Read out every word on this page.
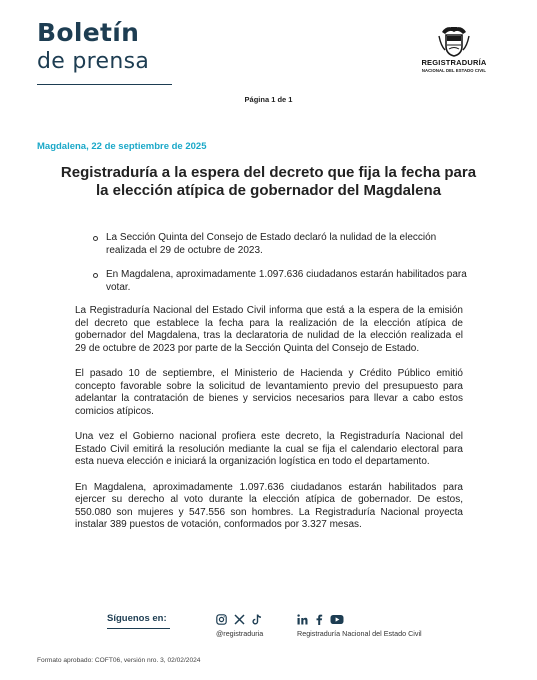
Boletín
de prensa	REGISTRADURÍA
NACIONAL DEL ESTADO CIVIL
Página 1 de 1
Magdalena, 22 de septiembre de 2025
Registraduría a la espera del decreto que fija la fecha para la elección atípica de gobernador del Magdalena
La Sección Quinta del Consejo de Estado declaró la nulidad de la elección realizada el 29 de octubre de 2023.
En Magdalena, aproximadamente 1.097.636 ciudadanos estarán habilitados para votar.

La Registraduría Nacional del Estado Civil informa que está a la espera de la emisión del decreto que establece la fecha para la realización de la elección atípica de gobernador del Magdalena, tras la declaratoria de nulidad de la elección realizada el 29 de octubre de 2023 por parte de la Sección Quinta del Consejo de Estado.

El pasado 10 de septiembre, el Ministerio de Hacienda y Crédito Público emitió concepto favorable sobre la solicitud de levantamiento previo del presupuesto para adelantar la contratación de bienes y servicios necesarios para llevar a cabo estos comicios atípicos.

Una vez el Gobierno nacional profiera este decreto, la Registraduría Nacional del Estado Civil emitirá la resolución mediante la cual se fija el calendario electoral para esta nueva elección e iniciará la organización logística en todo el departamento.

En Magdalena, aproximadamente 1.097.636 ciudadanos estarán habilitados para ejercer su derecho al voto durante la elección atípica de gobernador. De estos, 550.080 son mujeres y 547.556 son hombres. La Registraduría Nacional proyecta instalar 389 puestos de votación, conformados por 3.327 mesas.

Síguenos en:
@registraduria	Registraduría Nacional del Estado Civil
Formato aprobado: COFT06, versión nro. 3, 02/02/2024
